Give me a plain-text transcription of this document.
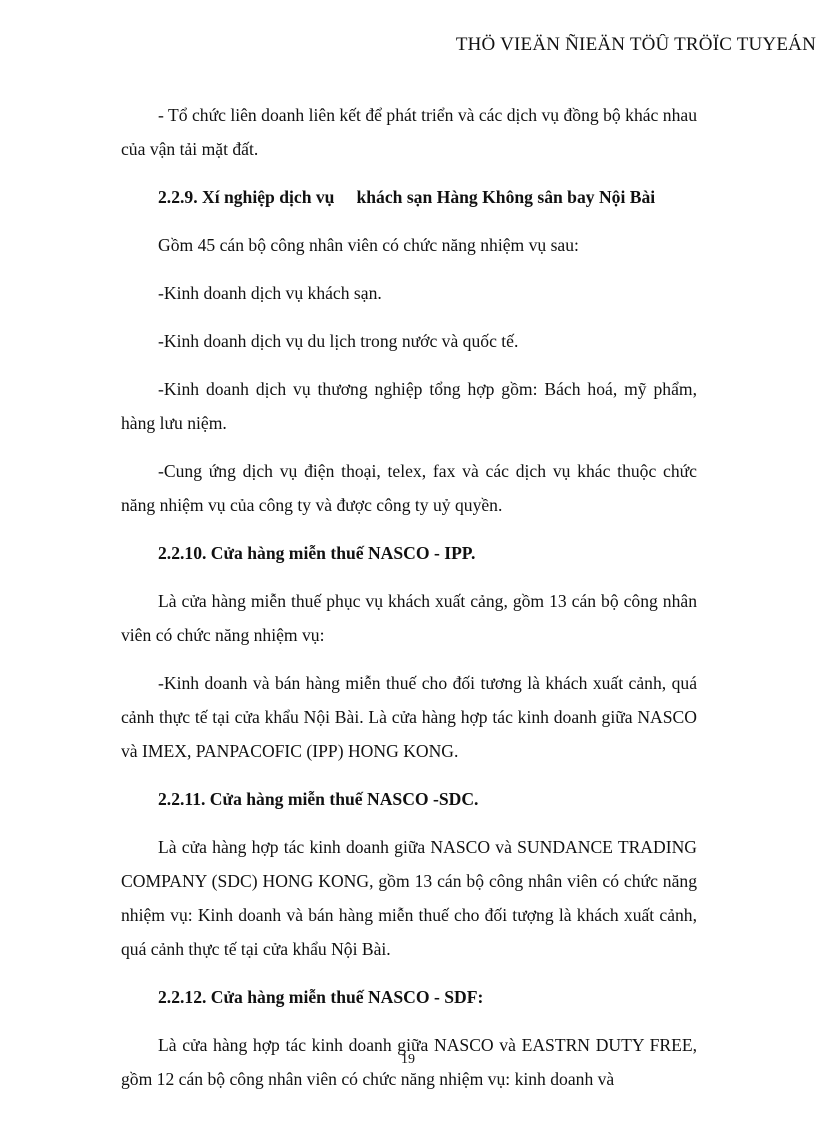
THÖ VIEÄN ÑIEÄN TÖÛ TRÖÏC TUYEÁN

- Tổ chức liên doanh liên kết để phát triển và các dịch vụ đồng bộ khác nhau của vận tải mặt đất.

2.2.9. Xí nghiệp dịch vụ     khách sạn Hàng Không sân bay Nội Bài

Gồm 45 cán bộ công nhân viên có chức năng nhiệm vụ sau:

-Kinh doanh dịch vụ khách sạn.

-Kinh doanh dịch vụ du lịch trong nước và quốc tế.

-Kinh doanh dịch vụ thương nghiệp tổng hợp gồm: Bách hoá, mỹ phẩm, hàng lưu niệm.

-Cung ứng dịch vụ điện thoại, telex, fax và các dịch vụ khác thuộc chức năng nhiệm vụ của công ty và được công ty uỷ quyền.

2.2.10. Cửa hàng miễn thuế NASCO - IPP.

Là cửa hàng miễn thuế phục vụ khách xuất cảng, gồm 13 cán bộ công nhân viên có chức năng nhiệm vụ:

-Kinh doanh và bán hàng miễn thuế cho đối tương là khách xuất cảnh, quá cảnh thực tế tại cửa khẩu Nội Bài. Là cửa hàng hợp tác kinh doanh giữa NASCO và IMEX, PANPACOFIC (IPP) HONG KONG.

2.2.11. Cửa hàng miễn thuế NASCO -SDC.

Là cửa hàng hợp tác kinh doanh giữa NASCO và SUNDANCE TRADING COMPANY (SDC) HONG KONG, gồm 13 cán bộ công nhân viên có chức năng nhiệm vụ: Kinh doanh và bán hàng miễn thuế cho đối tượng là khách xuất cảnh, quá cảnh thực tế tại cửa khẩu Nội Bài.

2.2.12. Cửa hàng miễn thuế NASCO - SDF:

Là cửa hàng hợp tác kinh doanh giữa NASCO và EASTRN DUTY FREE, gồm 12 cán bộ công nhân viên có chức năng nhiệm vụ: kinh doanh và

19
